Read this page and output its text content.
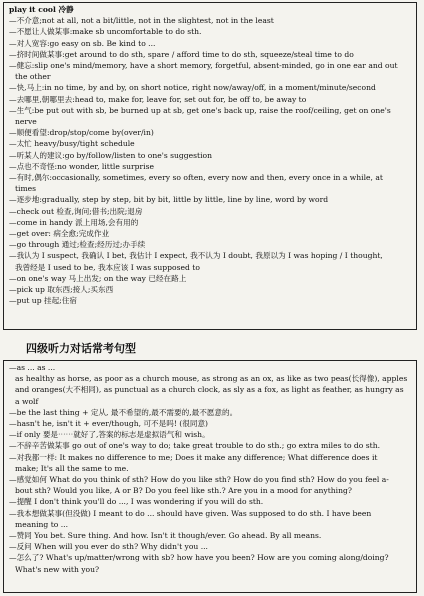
play it cool 冷静
—不介意;not at all, not a bit/little, not in the slightest, not in the least
—不愿让人做某事:make sb uncomfortable to do sth.
—对人宽容:go easy on sb. Be kind to ...
—挤时间做某事:get around to do sth, spare / afford time to do sth, squeeze/steal time to do
—健忘:slip one's mind/memory, have a short memory, forgetful, absent-minded, go in one ear and out
the other
—快,马上:in no time, by and by, on short notice, right now/away/off, in a moment/minute/second
—去哪里,朝哪里去:head to, make for, leave for, set out for, be off to, be away to
—生气:be put out with sb, be burned up at sb, get one's back up, raise the roof/ceiling, get on one's
nerve
—顺便看望:drop/stop/come by(over/in)
—太忙 heavy/busy/tight schedule
—听某人的建议:go by/follow/listen to one's suggestion
—点也不奇怪:no wonder, little surprise
—有时,偶尔:occasionally, sometimes, every so often, every now and then, every once in a while, at
times
—逐步地:gradually, step by step, bit by bit, little by little, line by line, word by word
—check out 检查,询问;借书;出院;退房
—come in handy 派上用场,会有用的
—get over: 病全愈;完成作业
—go through 通过;检查;经历过;办手续
—我认为 I suspect, 我确认 I bet, 我估计 I expect, 我不认为 I doubt, 我原以为 I was hoping / I thought,
我曾经是 I used to be, 我本应该 I was supposed to
—on one's way 马上出发; on the way 已经在路上
—pick up 取东西;接人;买东西
—put up 挂起;住宿
四级听力对话常考句型
—as ... as ...
as healthy as horse, as poor as a church mouse, as strong as an ox, as like as two peas(长得像), apples
and oranges(大不相同), as punctual as a church clock, as sly as a fox, as light as feather, as hungry as
a wolf
—be the last thing + 定从, 最不希望的,最不需要的,最不愿意的。
—hasn't he, isn't it + ever/though, 可不是吗! (很同意)
—if only 要是⋯⋯就好了,答案的标志是虚拟语气和 wish。
—不辞辛苦做某事 go out of one's way to do; take great trouble to do sth.; go extra miles to do sth.
—对我都一样: It makes no difference to me; Does it make any difference; What difference does it
make; It's all the same to me.
—感觉如何 What do you think of sth? How do you like sth? How do you find sth? How do you feel a-
bout sth? Would you like, A or B? Do you feel like sth.? Are you in a mood for anything?
—提醒 I don't think you'll do ..., I was wondering if you will do sth.
—我本想做某事(但没做) I meant to do ... should have given. Was supposed to do sth. I have been
meaning to ...
—赞同 You bet. Sure thing. And how. Isn't it though/ever. Go ahead. By all means.
—反问 When will you ever do sth? Why didn't you ...
—怎么了? What's up/matter/wrong with sb? how have you been? How are you coming along/doing?
What's new with you?
